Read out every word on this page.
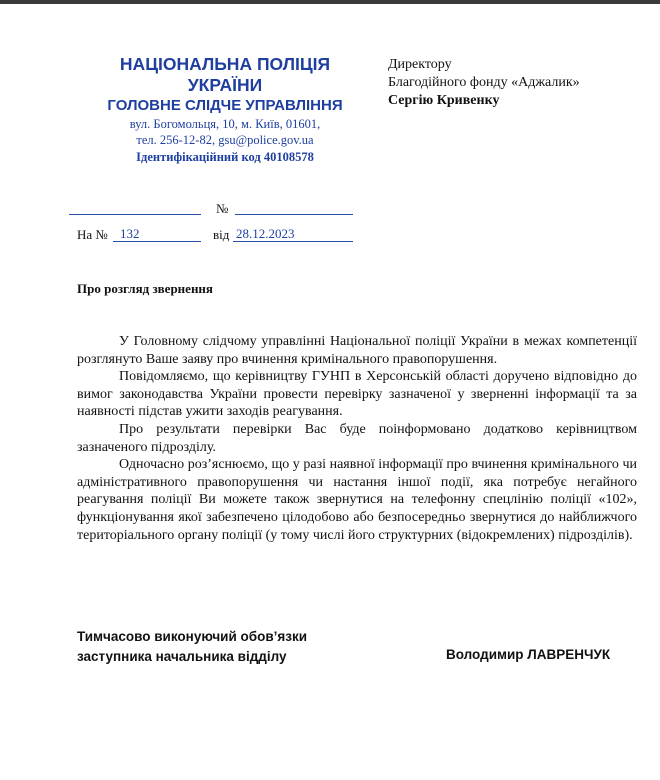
НАЦІОНАЛЬНА ПОЛІЦІЯ
УКРАЇНИ
ГОЛОВНЕ СЛІДЧЕ УПРАВЛІННЯ
вул. Богомольця, 10, м. Київ, 01601,
тел. 256-12-82, gsu@police.gov.ua
Ідентифікаційний код 40108578
Директору
Благодійного фонду «Аджалик»
Сергію Кривенку
№
На № 132	від 28.12.2023
Про розгляд звернення

У Головному слідчому управлінні Національної поліції України в межах компетенції розглянуто Ваше заяву про вчинення кримінального правопорушення.

Повідомляємо, що керівництву ГУНП в Херсонській області доручено відповідно до вимог законодавства України провести перевірку зазначеної у зверненні інформації та за наявності підстав ужити заходів реагування.

Про результати перевірки Вас буде поінформовано додатково керівництвом зазначеного підрозділу.

Одночасно роз’яснюємо, що у разі наявної інформації про вчинення кримінального чи адміністративного правопорушення чи настання іншої події, яка потребує негайного реагування поліції Ви можете також звернутися на телефонну спецлінію поліції «102», функціонування якої забезпечено цілодобово або безпосередньо звернутися до найближчого територіального органу поліції (у тому числі його структурних (відокремлених) підрозділів).

Тимчасово виконуючий обов’язки
заступника начальника відділу	Володимир ЛАВРЕНЧУК
